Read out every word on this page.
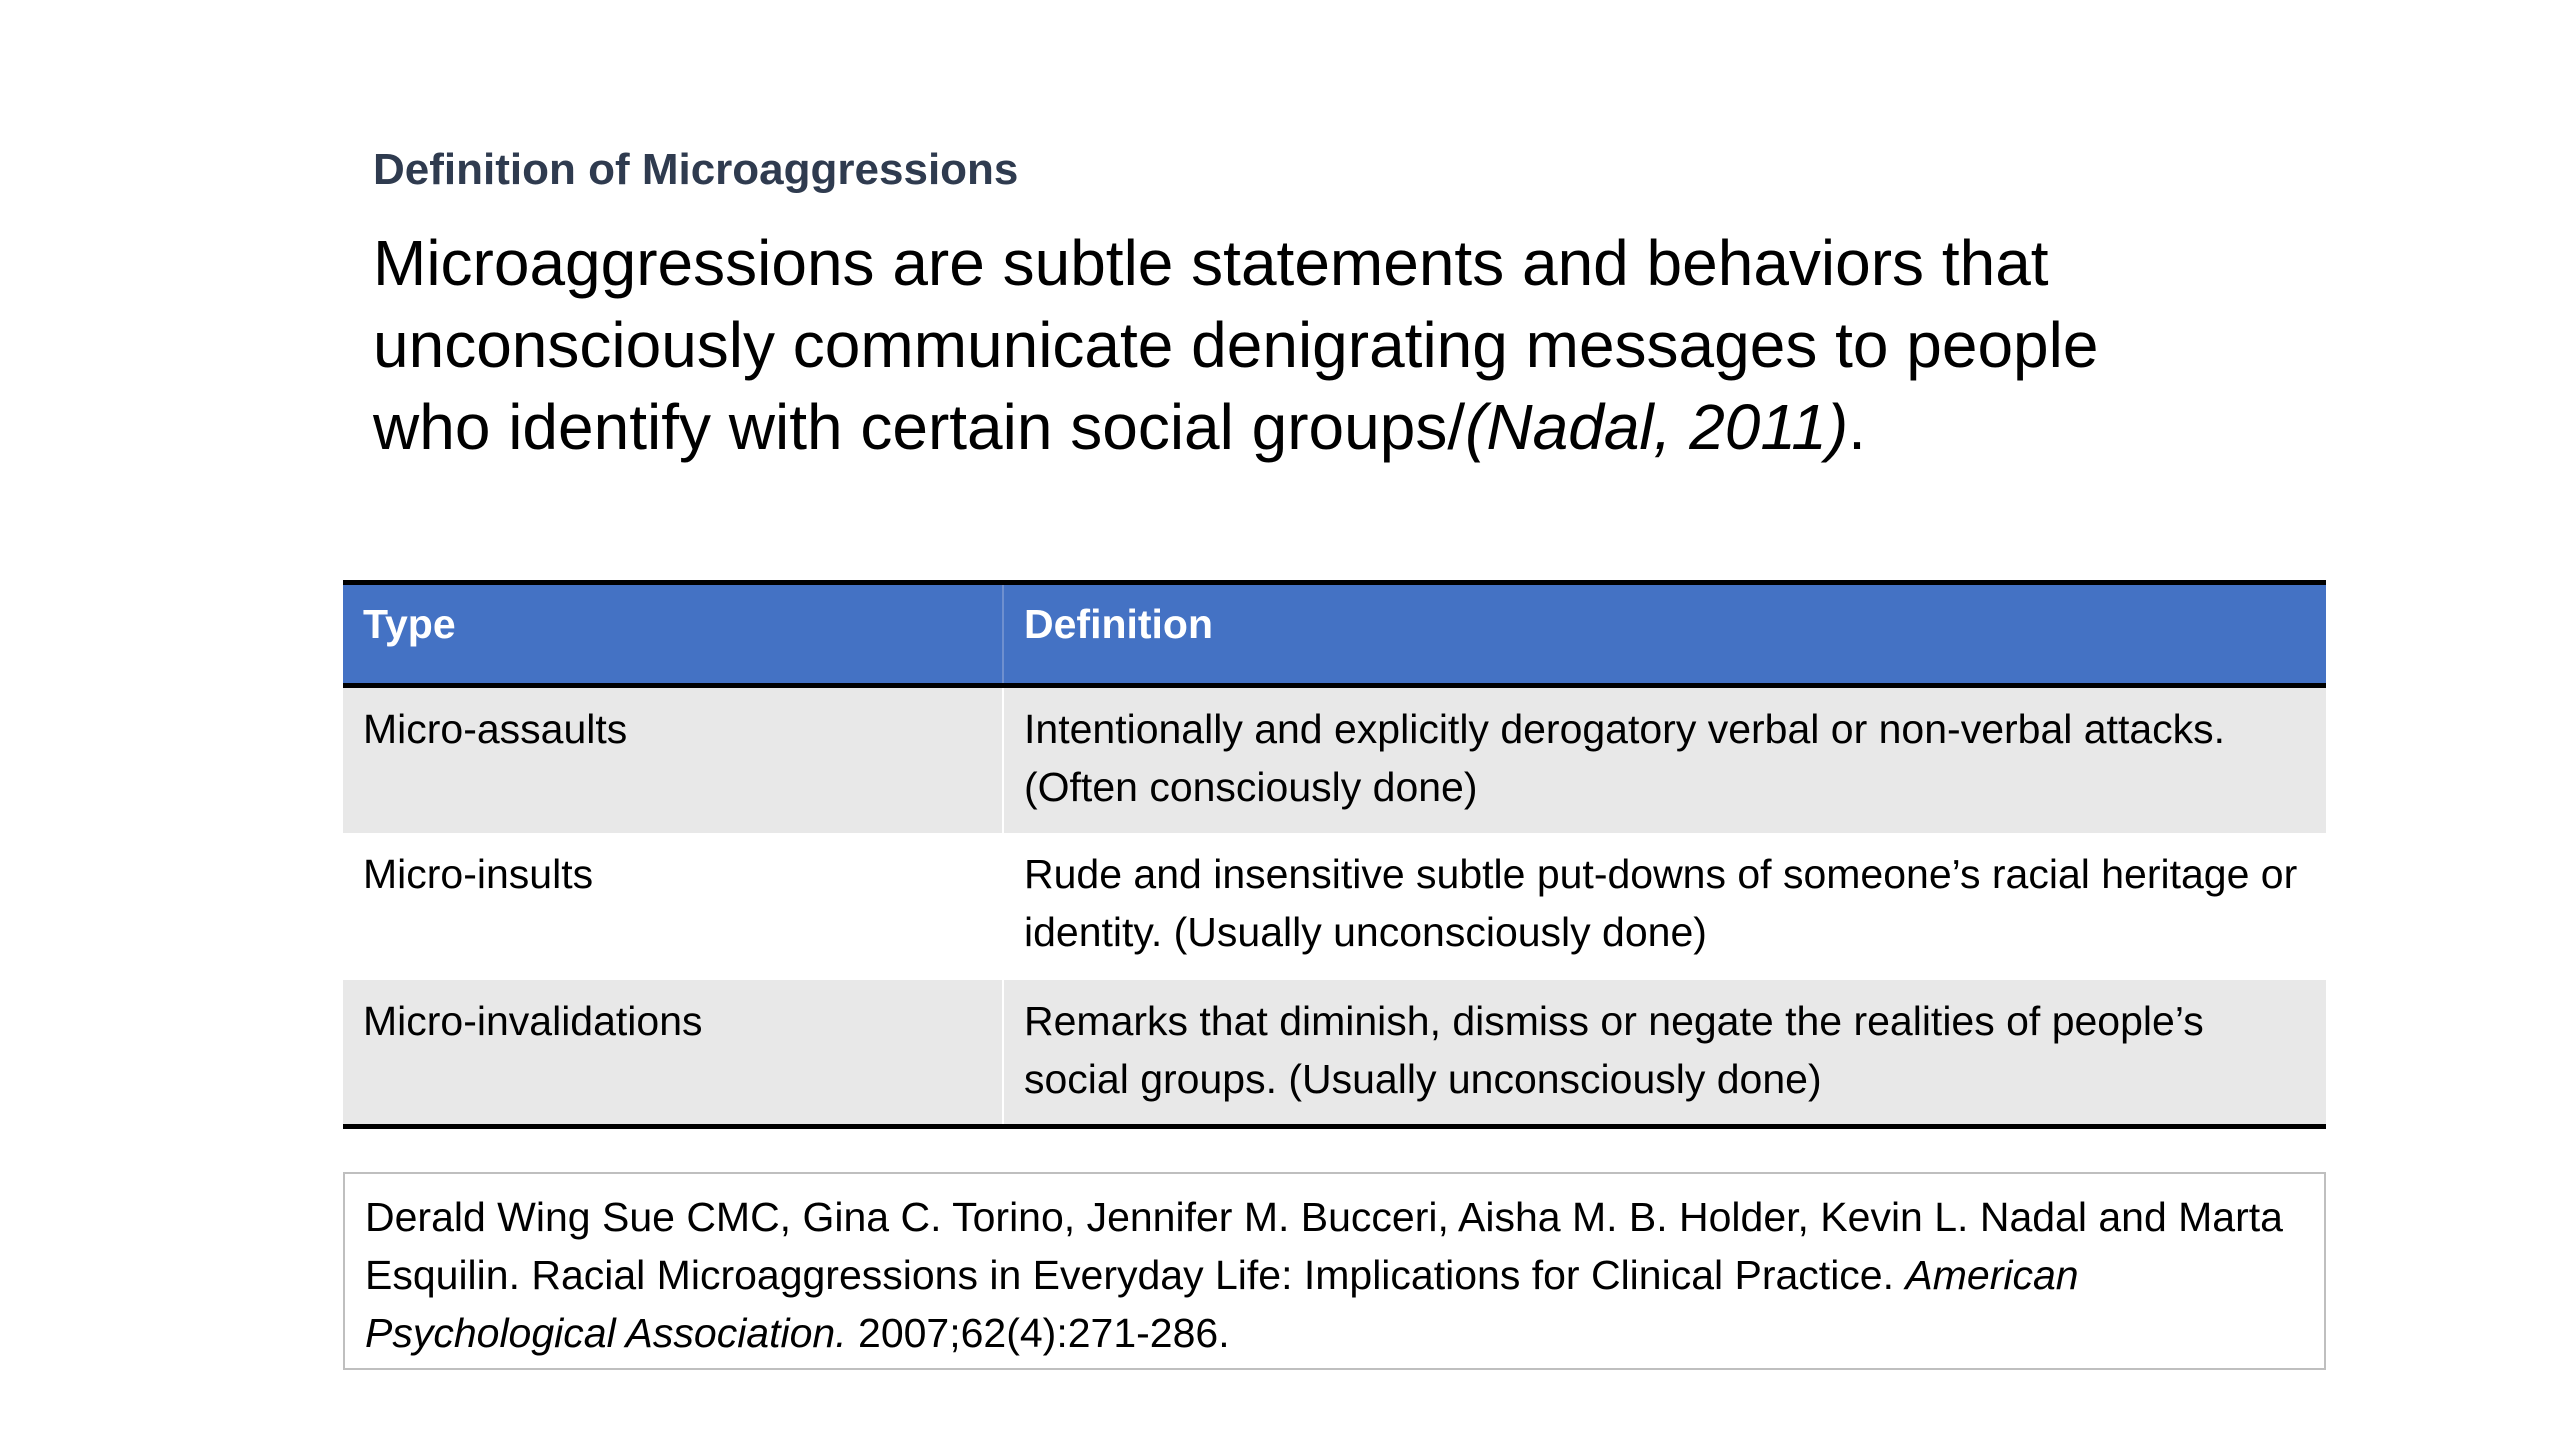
Definition of Microaggressions
Microaggressions are subtle statements and behaviors that unconsciously communicate denigrating messages to people who identify with certain social groups/(Nadal, 2011).
Type	Definition
Micro-assaults	Intentionally and explicitly derogatory verbal or non-verbal attacks. (Often consciously done)
Micro-insults	Rude and insensitive subtle put-downs of someone’s racial heritage or identity. (Usually unconsciously done)
Micro-invalidations	Remarks that diminish, dismiss or negate the realities of people’s social groups. (Usually unconsciously done)
Derald Wing Sue CMC, Gina C. Torino, Jennifer M. Bucceri, Aisha M. B. Holder, Kevin L. Nadal and Marta Esquilin. Racial Microaggressions in Everyday Life: Implications for Clinical Practice. American Psychological Association. 2007;62(4):271-286.
